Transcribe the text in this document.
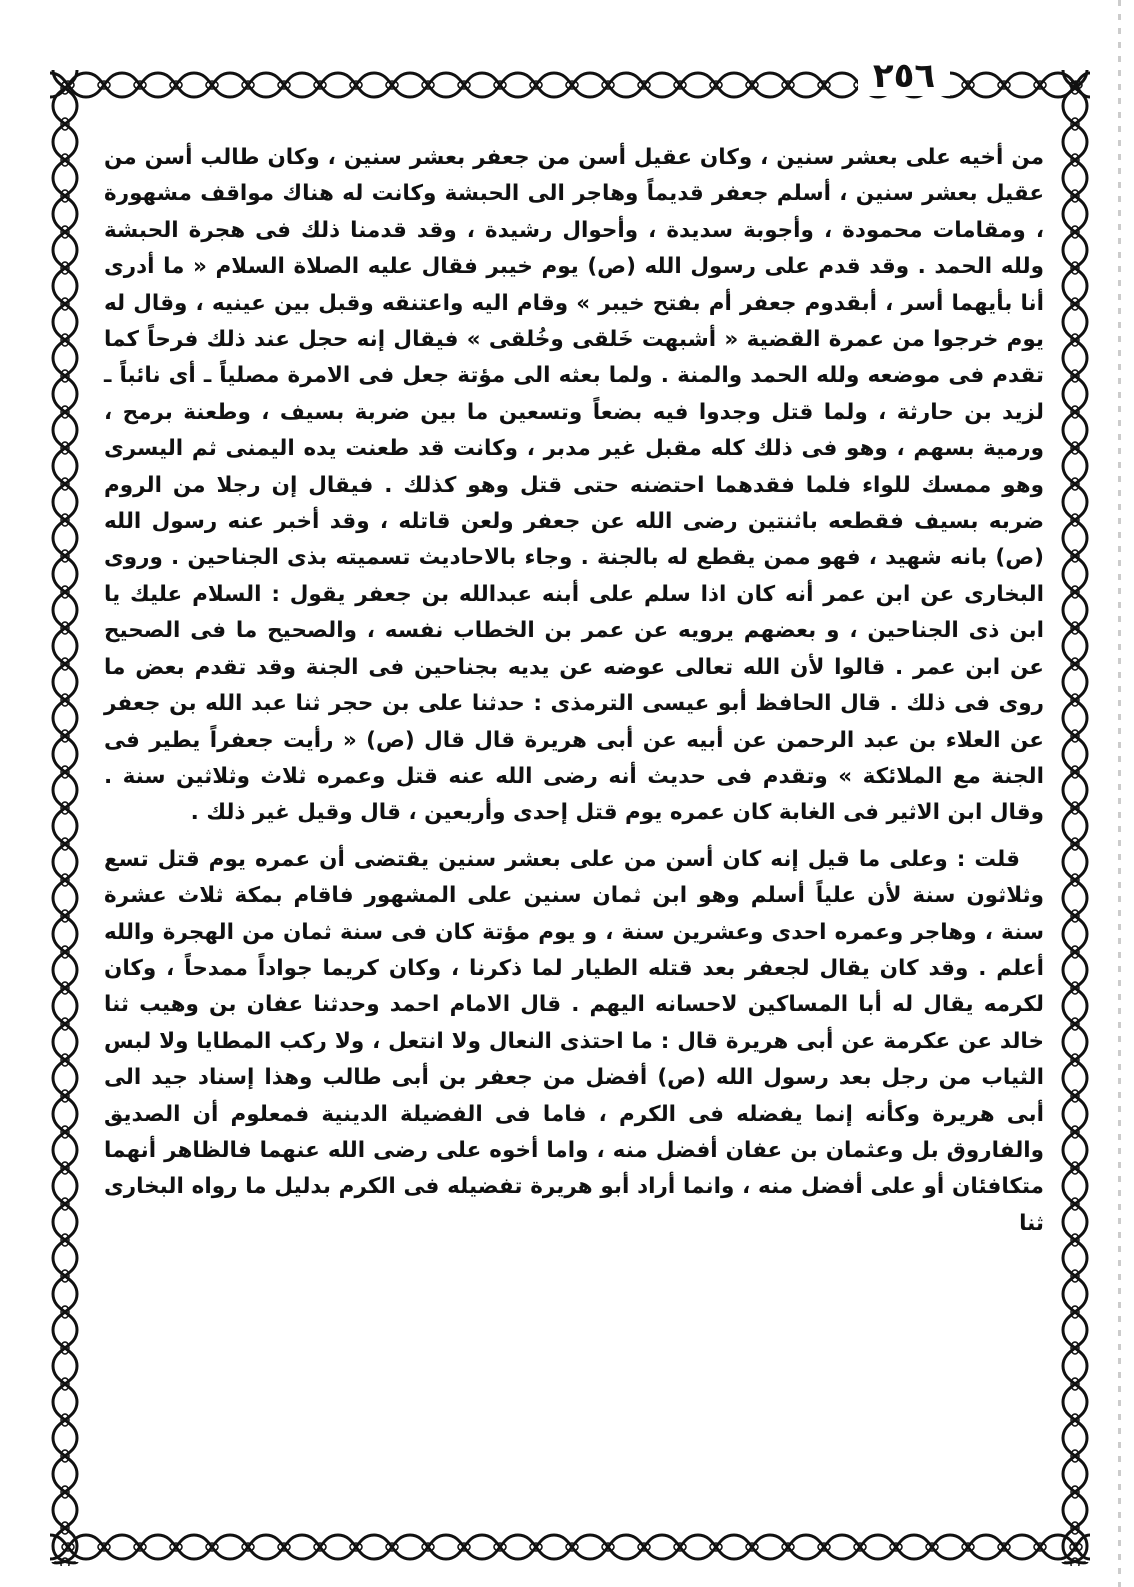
٢٥٦

من أخيه على بعشر سنين ، وكان عقيل أسن من جعفر بعشر سنين ، وكان طالب أسن من عقيل بعشر سنين ، أسلم جعفر قديماً وهاجر الى الحبشة وكانت له هناك مواقف مشهورة ، ومقامات محمودة ، وأجوبة سديدة ، وأحوال رشيدة ، وقد قدمنا ذلك فى هجرة الحبشة ولله الحمد . وقد قدم على رسول الله (ص) يوم خيبر فقال عليه الصلاة السلام « ما أدرى أنا بأيهما أسر ، أبقدوم جعفر أم بفتح خيبر » وقام اليه واعتنقه وقبل بين عينيه ، وقال له يوم خرجوا من عمرة القضية « أشبهت خَلقى وخُلقى » فيقال إنه حجل عند ذلك فرحاً كما تقدم فى موضعه ولله الحمد والمنة . ولما بعثه الى مؤتة جعل فى الامرة مصلياً ـ أى نائباً ـ لزيد بن حارثة ، ولما قتل وجدوا فيه بضعاً وتسعين ما بين ضربة بسيف ، وطعنة برمح ، ورمية بسهم ، وهو فى ذلك كله مقبل غير مدبر ، وكانت قد طعنت يده اليمنى ثم اليسرى وهو ممسك للواء فلما فقدهما احتضنه حتى قتل وهو كذلك . فيقال إن رجلا من الروم ضربه بسيف فقطعه باثنتين رضى الله عن جعفر ولعن قاتله ، وقد أخبر عنه رسول الله (ص) بانه شهيد ، فهو ممن يقطع له بالجنة . وجاء بالاحاديث تسميته بذى الجناحين . وروى البخارى عن ابن عمر أنه كان اذا سلم على أبنه عبدالله بن جعفر يقول : السلام عليك يا ابن ذى الجناحين ، و بعضهم يرويه عن عمر بن الخطاب نفسه ، والصحيح ما فى الصحيح عن ابن عمر . قالوا لأن الله تعالى عوضه عن يديه بجناحين فى الجنة وقد تقدم بعض ما روى فى ذلك . قال الحافظ أبو عيسى الترمذى : حدثنا على بن حجر ثنا عبد الله بن جعفر عن العلاء بن عبد الرحمن عن أبيه عن أبى هريرة قال قال (ص) « رأيت جعفراً يطير فى الجنة مع الملائكة » وتقدم فى حديث أنه رضى الله عنه قتل وعمره ثلاث وثلاثين سنة . وقال ابن الاثير فى الغابة كان عمره يوم قتل إحدى وأربعين ، قال وقيل غير ذلك .

قلت : وعلى ما قيل إنه كان أسن من على بعشر سنين يقتضى أن عمره يوم قتل تسع وثلاثون سنة لأن علياً أسلم وهو ابن ثمان سنين على المشهور فاقام بمكة ثلاث عشرة سنة ، وهاجر وعمره احدى وعشرين سنة ، و يوم مؤتة كان فى سنة ثمان من الهجرة والله أعلم . وقد كان يقال لجعفر بعد قتله الطيار لما ذكرنا ، وكان كريما جواداً ممدحاً ، وكان لكرمه يقال له أبا المساكين لاحسانه اليهم . قال الامام احمد وحدثنا عفان بن وهيب ثنا خالد عن عكرمة عن أبى هريرة قال : ما احتذى النعال ولا انتعل ، ولا ركب المطايا ولا لبس الثياب من رجل بعد رسول الله (ص) أفضل من جعفر بن أبى طالب وهذا إسناد جيد الى أبى هريرة وكأنه إنما يفضله فى الكرم ، فاما فى الفضيلة الدينية فمعلوم أن الصديق والفاروق بل وعثمان بن عفان أفضل منه ، واما أخوه على رضى الله عنهما فالظاهر أنهما متكافئان أو على أفضل منه ، وانما أراد أبو هريرة تفضيله فى الكرم بدليل ما رواه البخارى ثنا
